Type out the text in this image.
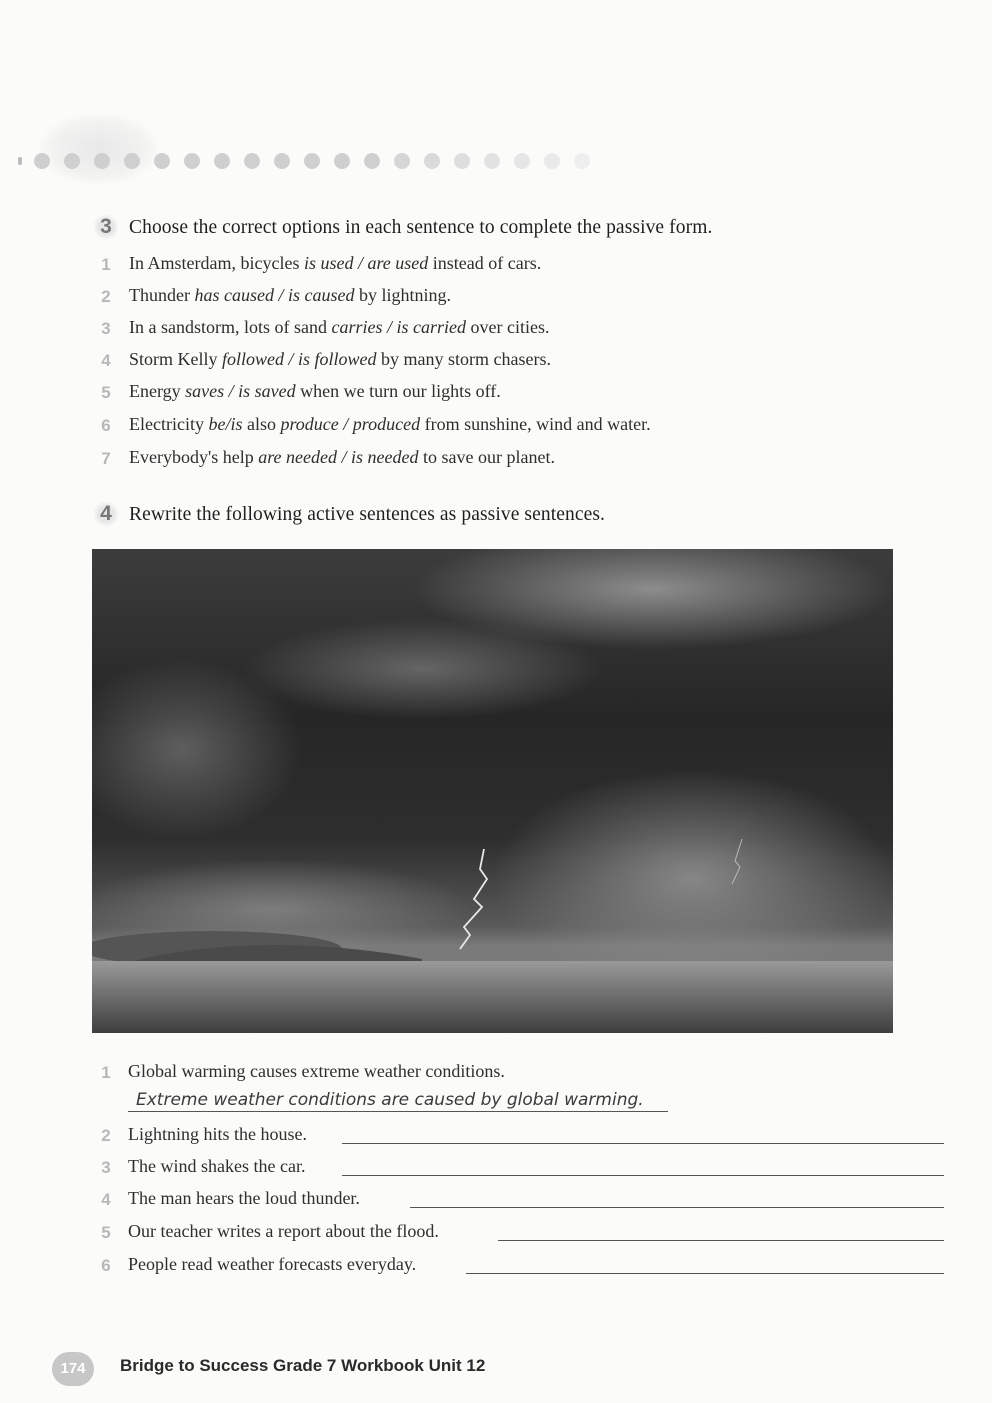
3 Choose the correct options in each sentence to complete the passive form.
1 In Amsterdam, bicycles is used / are used instead of cars.
2 Thunder has caused / is caused by lightning.
3 In a sandstorm, lots of sand carries / is carried over cities.
4 Storm Kelly followed / is followed by many storm chasers.
5 Energy saves / is saved when we turn our lights off.
6 Electricity be/is also produce / produced from sunshine, wind and water.
7 Everybody's help are needed / is needed to save our planet.
4 Rewrite the following active sentences as passive sentences.
1 Global warming causes extreme weather conditions.
Extreme weather conditions are caused by global warming.
2 Lightning hits the house.
3 The wind shakes the car.
4 The man hears the loud thunder.
5 Our teacher writes a report about the flood.
6 People read weather forecasts everyday.
174	Bridge to Success Grade 7 Workbook Unit 12
